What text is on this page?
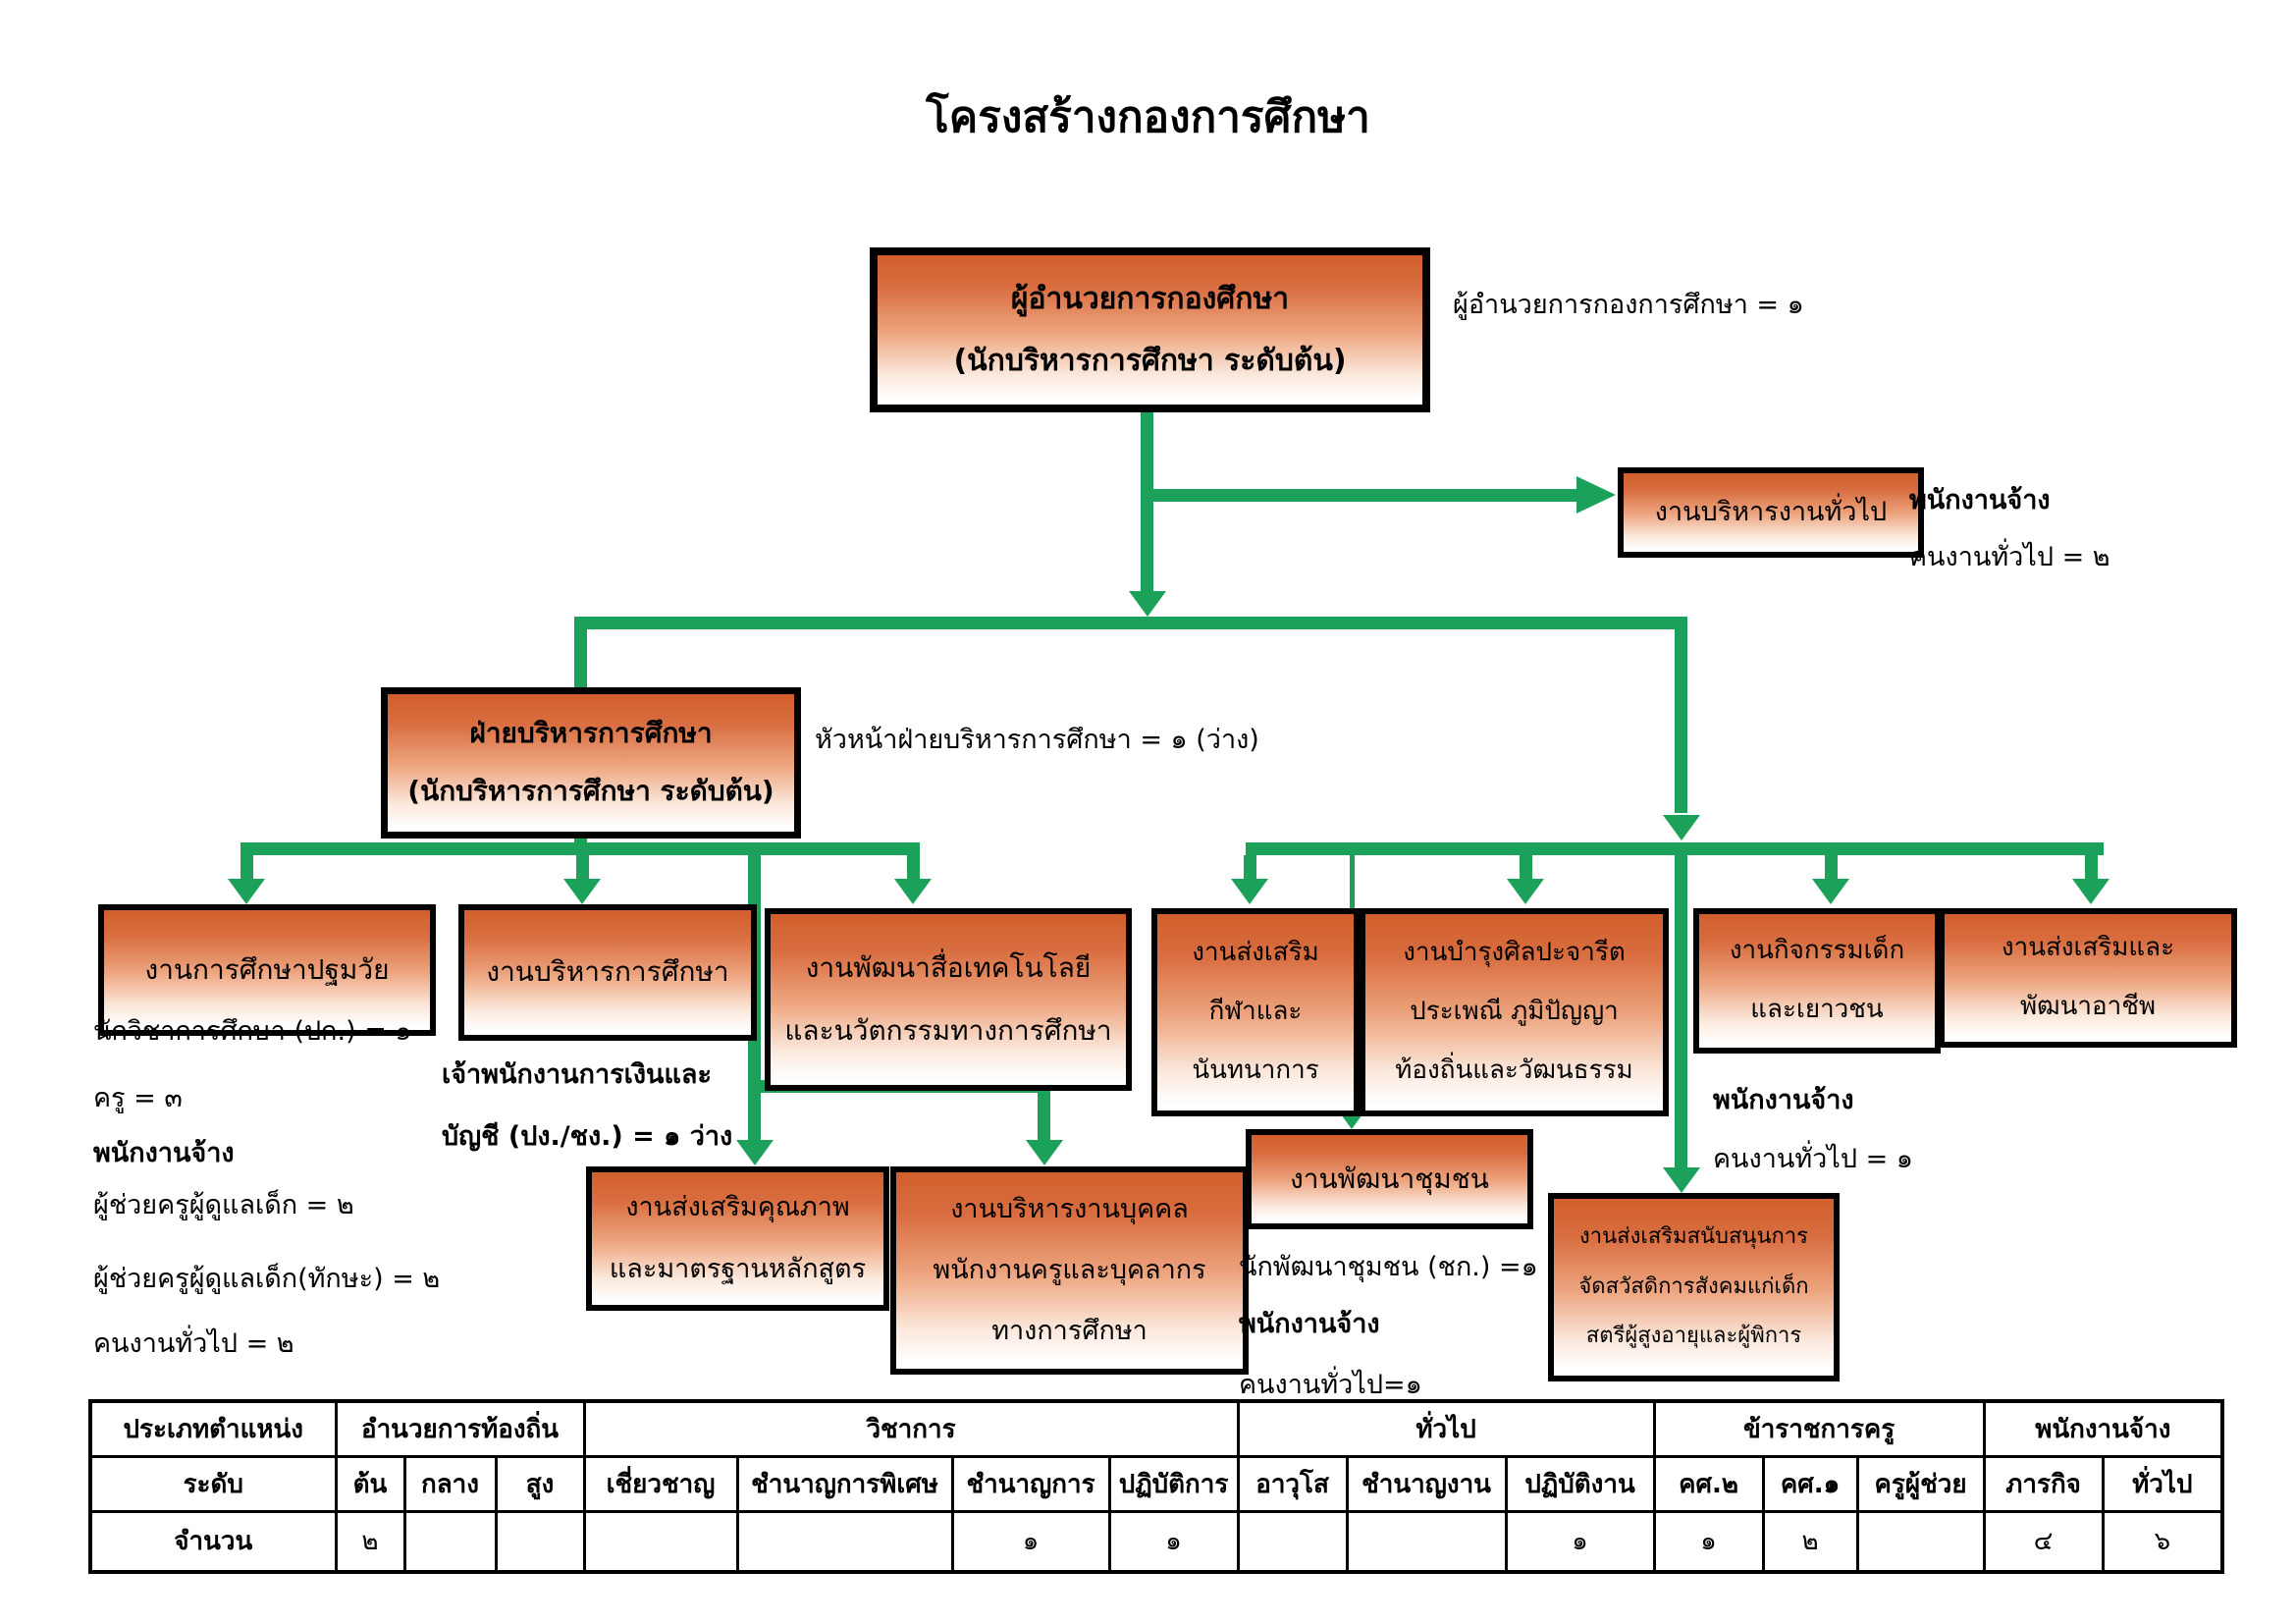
โครงสร้างกองการศึกษา
ผู้อำนวยการกองศึกษา
(นักบริหารการศึกษา ระดับต้น)
งานบริหารงานทั่วไป
ฝ่ายบริหารการศึกษา
(นักบริหารการศึกษา ระดับต้น)
งานการศึกษาปฐมวัย	งานบริหารการศึกษา	งานพัฒนาสื่อเทคโนโลยี
และนวัตกรรมทางการศึกษา
งานส่งเสริม
กีฬาและ
นันทนาการ
งานบำรุงศิลปะจารีต
ประเพณี ภูมิปัญญา
ท้องถิ่นและวัฒนธรรม
งานกิจกรรมเด็ก
และเยาวชน
งานส่งเสริมและ
พัฒนาอาชีพ
งานส่งเสริมคุณภาพ
และมาตรฐานหลักสูตร
งานบริหารงานบุคคล
พนักงานครูและบุคลากร
ทางการศึกษา
งานพัฒนาชุมชน
งานส่งเสริมสนับสนุนการ
จัดสวัสดิการสังคมแก่เด็ก
สตรีผู้สูงอายุและผู้พิการ
ผู้อำนวยการกองการศึกษา = ๑
พนักงานจ้าง
คนงานทั่วไป = ๒
หัวหน้าฝ่ายบริหารการศึกษา = ๑ (ว่าง)
นักวิชาการศึกษา (ปก.) = ๑
ครู = ๓
พนักงานจ้าง
ผู้ช่วยครูผู้ดูแลเด็ก = ๒
ผู้ช่วยครูผู้ดูแลเด็ก(ทักษะ) = ๒
คนงานทั่วไป = ๒
เจ้าพนักงานการเงินและ
บัญชี (ปง./ชง.) = ๑ ว่าง
พนักงานจ้าง
คนงานทั่วไป = ๑
นักพัฒนาชุมชน (ชก.) =๑
พนักงานจ้าง
คนงานทั่วไป=๑
ประเภทตำแหน่ง	อำนวยการท้องถิ่น			วิชาการ				ทั่วไป			ข้าราชการครู			พนักงานจ้าง	
ระดับ	ต้น	กลาง	สูง	เชี่ยวชาญ	ชำนาญการพิเศษ	ชำนาญการ	ปฏิบัติการ	อาวุโส	ชำนาญงาน	ปฏิบัติงาน	คศ.๒	คศ.๑	ครูผู้ช่วย	ภารกิจ	ทั่วไป
จำนวน	๒					๑	๑			๑	๑	๒		๔	๖
